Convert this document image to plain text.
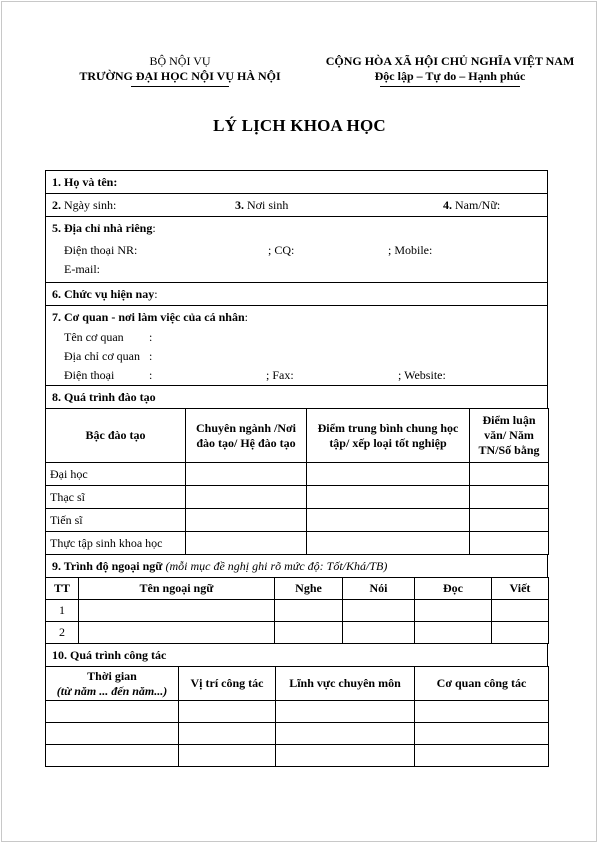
BỘ NỘI VỤ
TRƯỜNG ĐẠI HỌC NỘI VỤ HÀ NỘI
CỘNG HÒA XÃ HỘI CHỦ NGHĨA VIỆT NAM
Độc lập – Tự do – Hạnh phúc
LÝ LỊCH KHOA HỌC
1. Họ và tên:
2. Ngày sinh:	3. Nơi sinh	4. Nam/Nữ:
5. Địa chỉ nhà riêng:
Điện thoại NR:	; CQ:	; Mobile:
E-mail:
6. Chức vụ hiện nay:
7. Cơ quan - nơi làm việc của cá nhân:
Tên cơ quan :
Địa chỉ cơ quan :
Điện thoại	:	; Fax:	; Website:
8. Quá trình đào tạo
Bậc đào tạo	Chuyên ngành /Nơi đào tạo/ Hệ đào tạo	Điểm trung bình chung học tập/ xếp loại tốt nghiệp	Điểm luận văn/ Năm TN/Số bằng
Đại học			
Thạc sĩ			
Tiến sĩ			
Thực tập sinh khoa học			
9. Trình độ ngoại ngữ (mỗi mục đề nghị ghi rõ mức độ: Tốt/Khá/TB)
TT	Tên ngoại ngữ	Nghe	Nói	Đọc	Viết
1					
2					
10. Quá trình công tác
Thời gian
(từ năm ... đến năm...)	Vị trí công tác	Lĩnh vực chuyên môn	Cơ quan công tác
